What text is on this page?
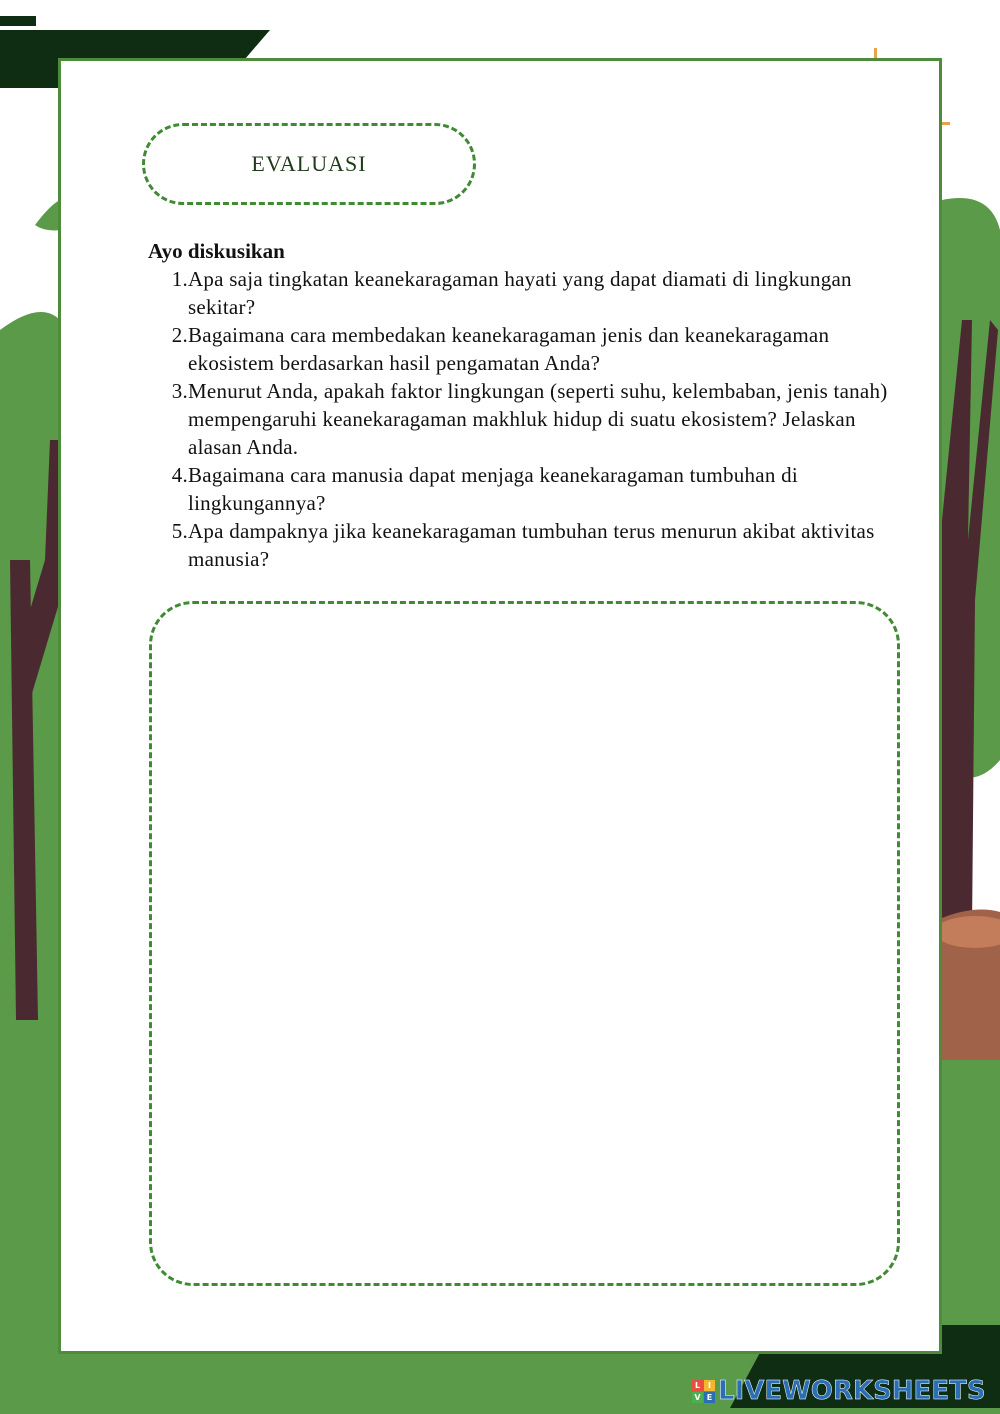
EVALUASI
Ayo diskusikan
1. Apa saja tingkatan keanekaragaman hayati yang dapat diamati di lingkungan sekitar?
2. Bagaimana cara membedakan keanekaragaman jenis dan keanekaragaman ekosistem berdasarkan hasil pengamatan Anda?
3. Menurut Anda, apakah faktor lingkungan (seperti suhu, kelembaban, jenis tanah) mempengaruhi keanekaragaman makhluk hidup di suatu ekosistem? Jelaskan alasan Anda.
4. Bagaimana cara manusia dapat menjaga keanekaragaman tumbuhan di lingkungannya?
5. Apa dampaknya jika keanekaragaman tumbuhan terus menurun akibat aktivitas manusia?
L I
V E LIVEWORKSHEETS
